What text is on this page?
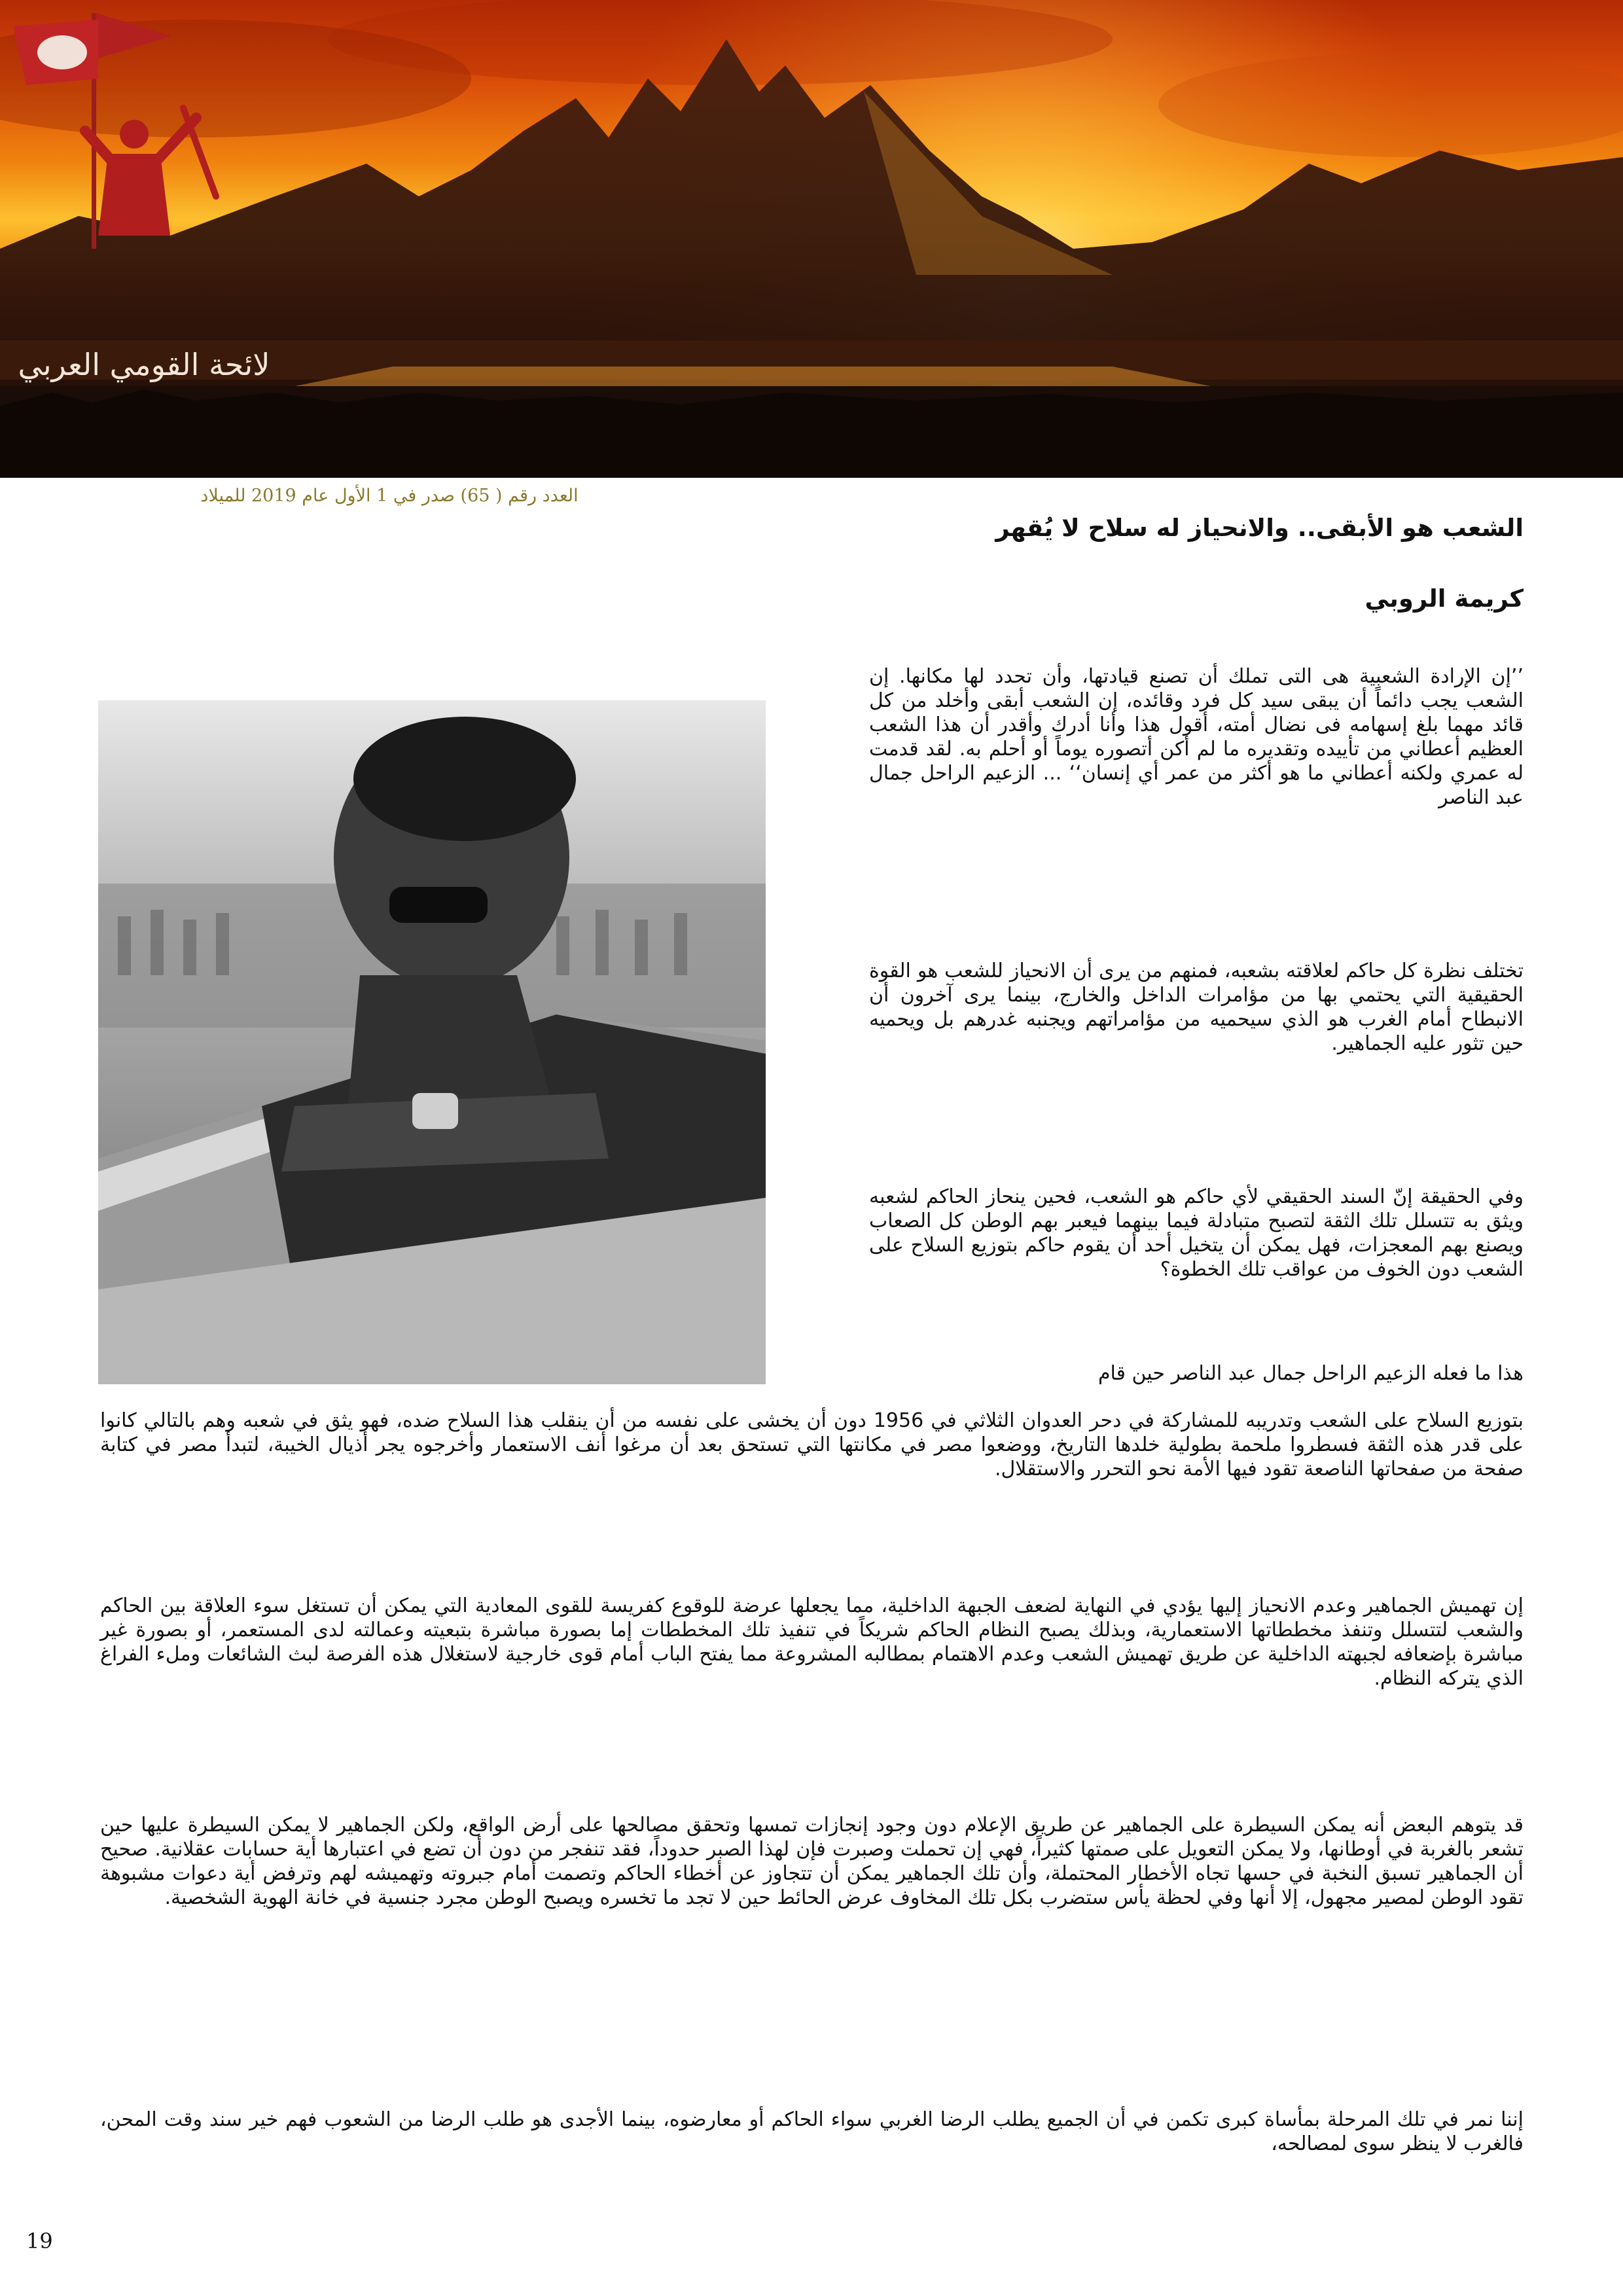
لائحة القومي العربي
العدد رقم ( 65) صدر في 1 الأول عام 2019 للميلاد
الشعب هو الأبقى.. والانحياز له سلاح لا يُقهر
كريمة الروبي

’’إن الإرادة الشعبية هى التى تملك أن تصنع قيادتها، وأن تحدد لها مكانها. إن الشعب يجب دائماً أن يبقى سيد كل فرد وقائده، إن الشعب أبقى وأخلد من كل قائد مهما بلغ إسهامه فى نضال أمته، أقول هذا وأنا أدرك وأقدر أن هذا الشعب العظيم أعطاني من تأييده وتقديره ما لم أكن أتصوره يوماً أو أحلم به. لقد قدمت له عمري ولكنه أعطاني ما هو أكثر من عمر أي إنسان‘‘ ... الزعيم الراحل جمال عبد الناصر

تختلف نظرة كل حاكم لعلاقته بشعبه، فمنهم من يرى أن الانحياز للشعب هو القوة الحقيقية التي يحتمي بها من مؤامرات الداخل والخارج، بينما يرى آخرون أن الانبطاح أمام الغرب هو الذي سيحميه من مؤامراتهم ويجنبه غدرهم بل ويحميه حين تثور عليه الجماهير.

وفي الحقيقة إنّ السند الحقيقي لأي حاكم هو الشعب، فحين ينحاز الحاكم لشعبه ويثق به تتسلل تلك الثقة لتصبح متبادلة فيما بينهما فيعبر بهم الوطن كل الصعاب ويصنع بهم المعجزات، فهل يمكن أن يتخيل أحد أن يقوم حاكم بتوزيع السلاح على الشعب دون الخوف من عواقب تلك الخطوة؟

هذا ما فعله الزعيم الراحل جمال عبد الناصر حين قام

بتوزيع السلاح على الشعب وتدريبه للمشاركة في دحر العدوان الثلاثي في 1956 دون أن يخشى على نفسه من أن ينقلب هذا السلاح ضده، فهو يثق في شعبه وهم بالتالي كانوا على قدر هذه الثقة فسطروا ملحمة بطولية خلدها التاريخ، ووضعوا مصر في مكانتها التي تستحق بعد أن مرغوا أنف الاستعمار وأخرجوه يجر أذيال الخيبة، لتبدأ مصر في كتابة صفحة من صفحاتها الناصعة تقود فيها الأمة نحو التحرر والاستقلال.

إن تهميش الجماهير وعدم الانحياز إليها يؤدي في النهاية لضعف الجبهة الداخلية، مما يجعلها عرضة للوقوع كفريسة للقوى المعادية التي يمكن أن تستغل سوء العلاقة بين الحاكم والشعب لتتسلل وتنفذ مخططاتها الاستعمارية، وبذلك يصبح النظام الحاكم شريكاً في تنفيذ تلك المخططات إما بصورة مباشرة بتبعيته وعمالته لدى المستعمر، أو بصورة غير مباشرة بإضعافه لجبهته الداخلية عن طريق تهميش الشعب وعدم الاهتمام بمطالبه المشروعة مما يفتح الباب أمام قوى خارجية لاستغلال هذه الفرصة لبث الشائعات وملء الفراغ الذي يتركه النظام.

قد يتوهم البعض أنه يمكن السيطرة على الجماهير عن طريق الإعلام دون وجود إنجازات تمسها وتحقق مصالحها على أرض الواقع، ولكن الجماهير لا يمكن السيطرة عليها حين تشعر بالغربة في أوطانها، ولا يمكن التعويل على صمتها كثيراً، فهي إن تحملت وصبرت فإن لهذا الصبر حدوداً، فقد تنفجر من دون أن تضع في اعتبارها أية حسابات عقلانية. صحيح أن الجماهير تسبق النخبة في حسها تجاه الأخطار المحتملة، وأن تلك الجماهير يمكن أن تتجاوز عن أخطاء الحاكم وتصمت أمام جبروته وتهميشه لهم وترفض أية دعوات مشبوهة تقود الوطن لمصير مجهول، إلا أنها وفي لحظة يأس ستضرب بكل تلك المخاوف عرض الحائط حين لا تجد ما تخسره ويصبح الوطن مجرد جنسية في خانة الهوية الشخصية.

إننا نمر في تلك المرحلة بمأساة كبرى تكمن في أن الجميع يطلب الرضا الغربي سواء الحاكم أو معارضوه، بينما الأجدى هو طلب الرضا من الشعوب فهم خير سند وقت المحن، فالغرب لا ينظر سوى لمصالحه،

19
